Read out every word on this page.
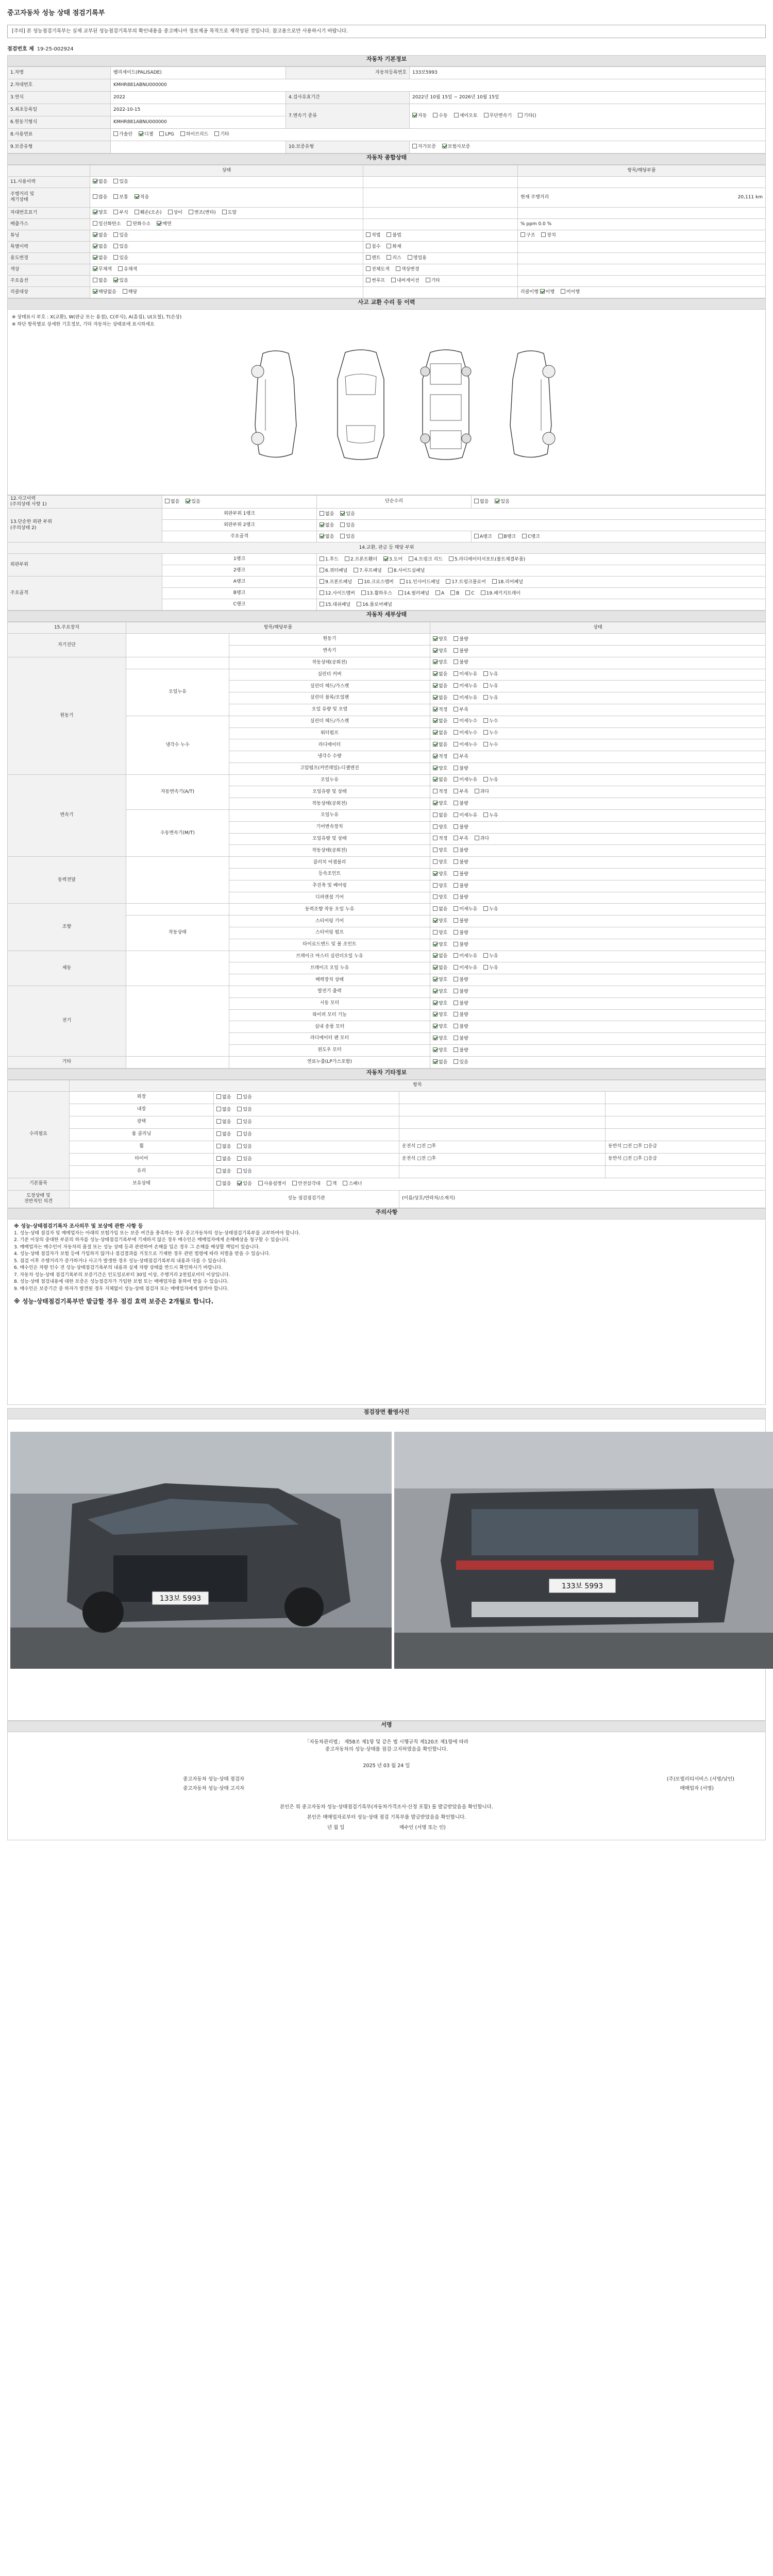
중고자동차 성능 상태 점검기록부
[주의] 본 성능점검기록부는 실제 교부된 성능점검기록부의 확인내용을 중고매니아 정보제공 목적으로 재작성된 것입니다. 참고용으로만 사용하시기 바랍니다.
점검번호 제 19-25-002924
자동차 기본정보
1.차명	펠리세이드(PALISADE)	자동차등록번호	133보5993
2.차대번호	KMHR881ABNU000000		
3.연식	2022	4.검사유효기간	2022년 10월 15일 ~ 2026년 10월 15일
5.최초등록일	2022-10-15	7.변속기 종류	자동 수동 세미오토 무단변속기 기타()
6.원동기형식	KMHR881ABNU000000		
8.사용연료	가솔린 디젤 LPG 하이브리드 기타		
9.보증유형		10.보증유형	자가보증 보험사보증
자동차 종합상태
	상태		항목/해당부품
11.사용이력	없음 있음		
주행거리 및
계기상태	많음 보통 적음		현재 주행거리 20,111 km

차대번호표기	양호 부식 훼손(오손) 상이 변조(변타) 도말		
배출가스	일산화탄소 탄화수소 매연		% ppm 0.0 %
튜닝	없음 있음	적법 불법	구조 장치
특별이력	없음 있음	침수 화재	
용도변경	없음 있음	렌트 리스 영업용	
색상	무채색 유채색	전체도색 색상변경	
주요옵션	없음 있음	썬루프 내비게이션 기타	
리콜대상	해당없음 해당		리콜이행 이행 미이행
사고 교환 수리 등 이력
※ 상태표시 부호 : X(교환), W(판금 또는 용접), C(부식), A(흠집), U(요철), T(손상)
※ 하단 항목별로 상세한 기호정보, 기타 자동차는 상태표에 표시하세요
12.사고이력
(주의상태 사항 1)	없음 있음	단순수리	없음 있음
13.단순한 외판 부위
(주의상태 2)	외판부위 1랭크	없음 있음	
	외판부위 2랭크	없음 있음	
	주요골격	없음 있음	A랭크 B랭크 C랭크
14.교환, 판금 등 해당 부위			
외판부위	1랭크	1.후드 2.프론트휀더 3.도어 4.트렁크 리드 5.라디에이터서포트(볼트체결부품)	
	2랭크	6.쿼터패널 7.루프패널 8.사이드실패널	
주요골격	A랭크	9.프론트패널 10.크로스멤버 11.인사이드패널 17.트렁크플로어 18.리어패널	
	B랭크	12.사이드멤버 13.휠하우스 14.필러패널 A B C 19.패키지트레이	
	C랭크	15.대쉬패널 16.플로어패널	
자동차 세부상태
15.주요장치	항목/해당부품		상태
자기진단		원동기	양호 불량
		변속기	양호 불량
원동기		작동상태(공회전)	양호 불량
	오일누유	실린더 커버	없음 미세누유 누유
		실린더 헤드/가스켓	없음 미세누유 누유
		실린더 블록/오일팬	없음 미세누유 누유
		오일 유량 및 오염	적정 부족
	냉각수 누수	실린더 헤드/가스켓	없음 미세누수 누수
		워터펌프	없음 미세누수 누수
		라디에이터	없음 미세누수 누수
		냉각수 수량	적정 부족
		고압펌프(커먼레일)-디젤엔진	양호 불량
변속기	자동변속기(A/T)	오일누유	없음 미세누유 누유
		오일유량 및 상태	적정 부족 과다
		작동상태(공회전)	양호 불량
	수동변속기(M/T)	오일누유	없음 미세누유 누유
		기어변속장치	양호 불량
		오일유량 및 상태	적정 부족 과다
		작동상태(공회전)	양호 불량
동력전달		클러치 어셈블리	양호 불량
		등속조인트	양호 불량
		추진축 및 베어링	양호 불량
		디퍼렌셜 기어	양호 불량
조향		동력조향 작동 오일 누유	없음 미세누유 누유
	작동상태	스티어링 기어	양호 불량
		스티어링 펌프	양호 불량
		타이로드엔드 및 볼 조인트	양호 불량
제동		브레이크 마스터 실린더오일 누유	없음 미세누유 누유
		브레이크 오일 누유	없음 미세누유 누유
		배력장치 상태	양호 불량
전기		발전기 출력	양호 불량
		시동 모터	양호 불량
		와이퍼 모터 기능	양호 불량
		실내 송풍 모터	양호 불량
		라디에이터 팬 모터	양호 불량
		윈도우 모터	양호 불량
기타		연료누출(LP가스포함)	없음 있음
자동차 기타정보
	항목			
수리필요	외장	없음 있음		
	내장	없음 있음		
	광택	없음 있음		
	룸 클리닝	없음 있음		
	휠	없음 있음	운전석 □전 □후	동반석 □전 □후 □응급
	타이어	없음 있음	운전석 □전 □후	동반석 □전 □후 □응급
	유리	없음 있음		
기본품목	보유상태	없음 있음 사용설명서 안전삼각대 잭 스패너		
도장상태 및
전반적인 의견		성능 점검점검기관	(이름/상호/연락처/소재지)	
주의사항
※ 성능·상태점검기록자 조사의무 및 보상에 관한 사항 등
1. 성능·상태 점검자 및 매매업자는 아래의 보험가입 또는 보증 여건을 충족하는 경우 중고자동차의 성능·상태점검기록부를 교부하여야 합니다.
2. 기준 이상의 중대한 부분의 하자를 성능·상태점검기록부에 기재하지 않은 경우 매수인은 매매업자에게 손해배상을 청구할 수 있습니다.
3. 매매업자는 매수인이 자동차의 품질 또는 성능 상태 등과 관련하여 손해를 입은 경우 그 손해를 배상할 책임이 있습니다.
4. 성능·상태 점검자가 보험 등에 가입하지 않거나 점검결과를 거짓으로 기재한 경우 관련 법령에 따라 처벌을 받을 수 있습니다.
5. 점검 이후 주행거리가 증가하거나 사고가 발생한 경우 성능·상태점검기록부의 내용과 다를 수 있습니다.
6. 매수인은 차량 인수 전 성능·상태점검기록부의 내용과 실제 차량 상태를 반드시 확인하시기 바랍니다.
7. 자동차 성능·상태 점검기록부의 보증기간은 인도일로부터 30일 이상, 주행거리 2천킬로미터 이상입니다.
8. 성능·상태 점검내용에 대한 보증은 성능점검자가 가입한 보험 또는 매매업자를 통하여 받을 수 있습니다.
9. 매수인은 보증기간 중 하자가 발견된 경우 지체없이 성능·상태 점검자 또는 매매업자에게 알려야 합니다.
※ 성능·상태점검기록부만 발급할 경우 점검 효력 보증은 2개월로 합니다.
점검장면 촬영사진
133보 5993
133보 5993
서명
「자동차관리법」 제58조 제1항 및 같은 법 시행규칙 제120조 제1항에 따라
중고자동차의 성능·상태를 점검·고지하였음을 확인합니다.
2025 년 03 월 24 일
중고자동차 성능·상태 점검자	(주)모빌리티서비스 (서명/날인)
중고자동차 성능·상태 고지자	매매업자 (서명)
본인은 위 중고자동차 성능·상태점검기록부(자동차가격조사·산정 포함) 를 발급받았음을 확인합니다.
본인은 매매업자로부터 성능·상태 점검 기록부를 발급받았음을 확인합니다.
년 월 일	매수인 (서명 또는 인)
